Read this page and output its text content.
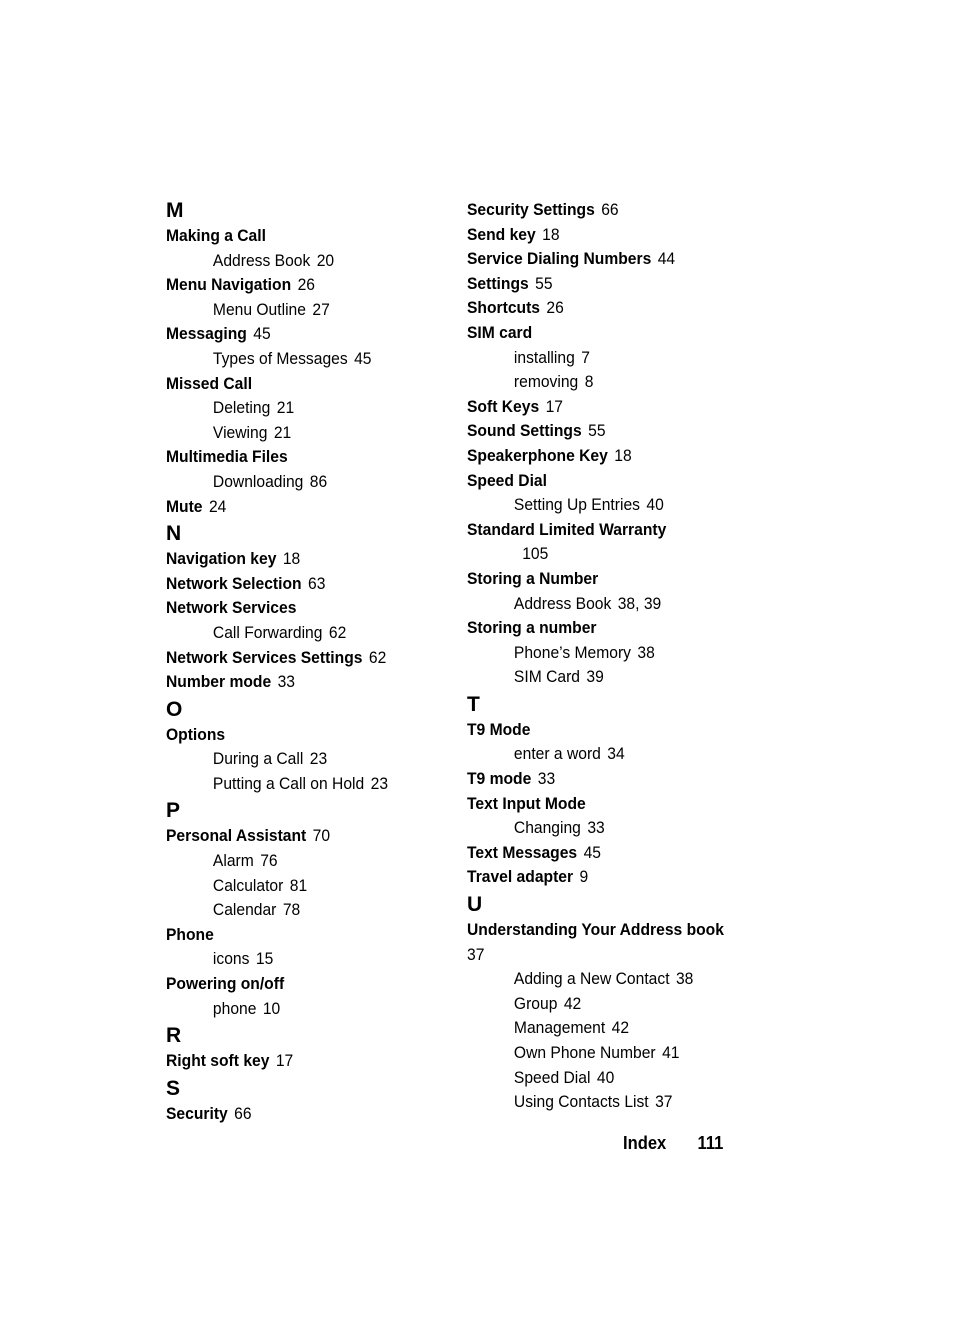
M
Making a Call
Address Book 20
Menu Navigation 26
Menu Outline 27
Messaging 45
Types of Messages 45
Missed Call
Deleting 21
Viewing 21
Multimedia Files
Downloading 86
Mute 24
N
Navigation key 18
Network Selection 63
Network Services
Call Forwarding 62
Network Services Settings 62
Number mode 33
O
Options
During a Call 23
Putting a Call on Hold 23
P
Personal Assistant 70
Alarm 76
Calculator 81
Calendar 78
Phone
icons 15
Powering on/off
phone 10
R
Right soft key 17
S
Security 66
Security Settings 66
Send key 18
Service Dialing Numbers 44
Settings 55
Shortcuts 26
SIM card
installing 7
removing 8
Soft Keys 17
Sound Settings 55
Speakerphone Key 18
Speed Dial
Setting Up Entries 40
Standard Limited Warranty
105
Storing a Number
Address Book 38, 39
Storing a number
Phone’s Memory 38
SIM Card 39
T
T9 Mode
enter a word 34
T9 mode 33
Text Input Mode
Changing 33
Text Messages 45
Travel adapter 9
U
Understanding Your Address book
37
Adding a New Contact 38
Group 42
Management 42
Own Phone Number 41
Speed Dial 40
Using Contacts List 37
Index 111
